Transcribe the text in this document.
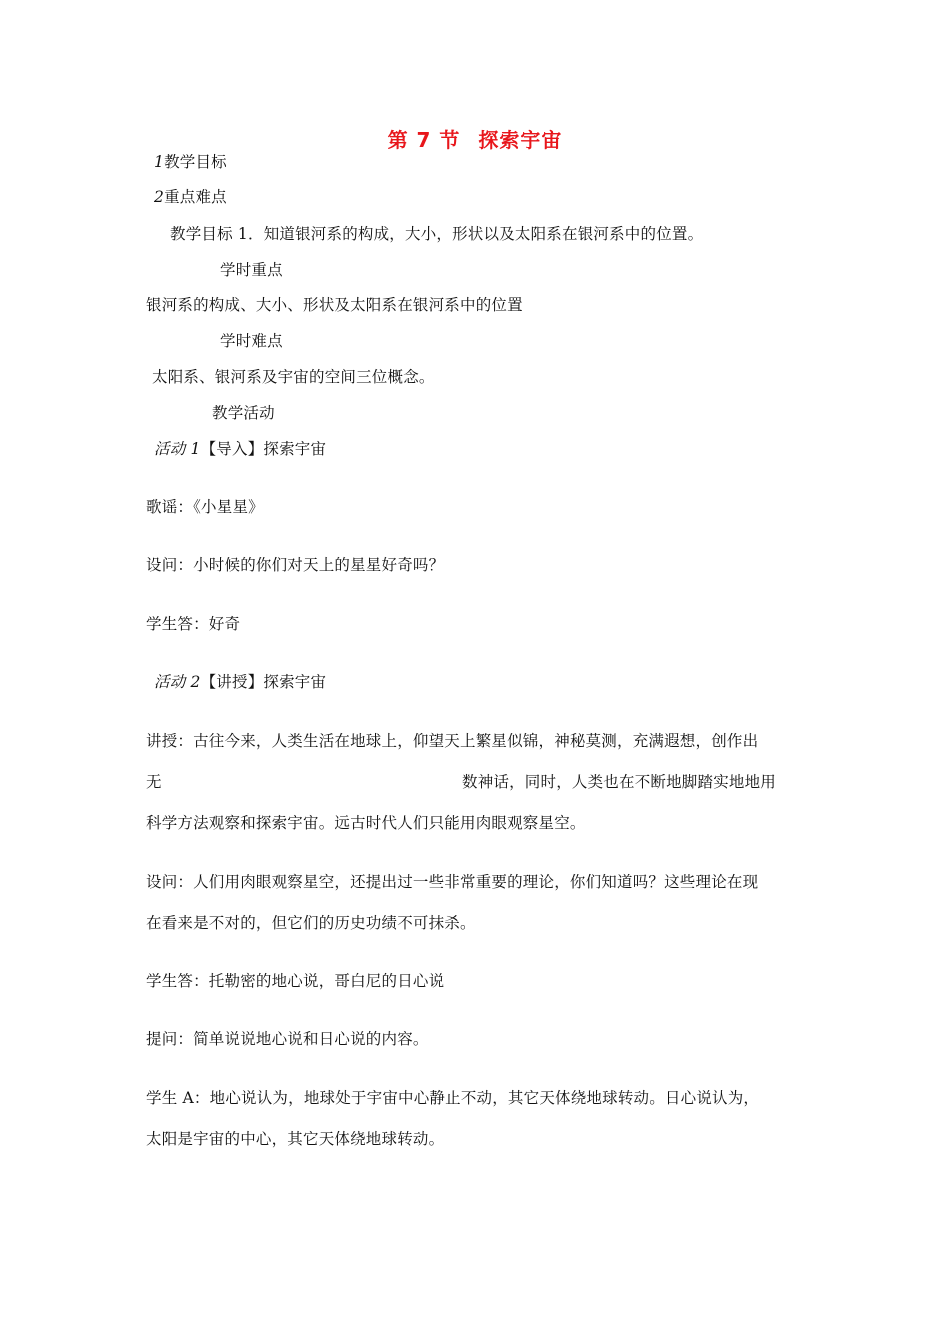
第 7 节 探索宇宙
1教学目标
2重点难点
教学目标 1．知道银河系的构成，大小，形状以及太阳系在银河系中的位置。
学时重点
银河系的构成、大小、形状及太阳系在银河系中的位置
学时难点
太阳系、银河系及宇宙的空间三位概念。
教学活动
活动 1【导入】探索宇宙
歌谣：《小星星》
设问：小时候的你们对天上的星星好奇吗？
学生答：好奇
活动 2【讲授】探索宇宙
讲授：古往今来，人类生活在地球上，仰望天上繁星似锦，神秘莫测，充满遐想，创作出
无	数神话，同时，人类也在不断地脚踏实地地用
科学方法观察和探索宇宙。远古时代人们只能用肉眼观察星空。
设问：人们用肉眼观察星空，还提出过一些非常重要的理论，你们知道吗？这些理论在现
在看来是不对的，但它们的历史功绩不可抹杀。
学生答：托勒密的地心说，哥白尼的日心说
提问：简单说说地心说和日心说的内容。
学生 A：地心说认为，地球处于宇宙中心静止不动，其它天体绕地球转动。日心说认为，
太阳是宇宙的中心，其它天体绕地球转动。
